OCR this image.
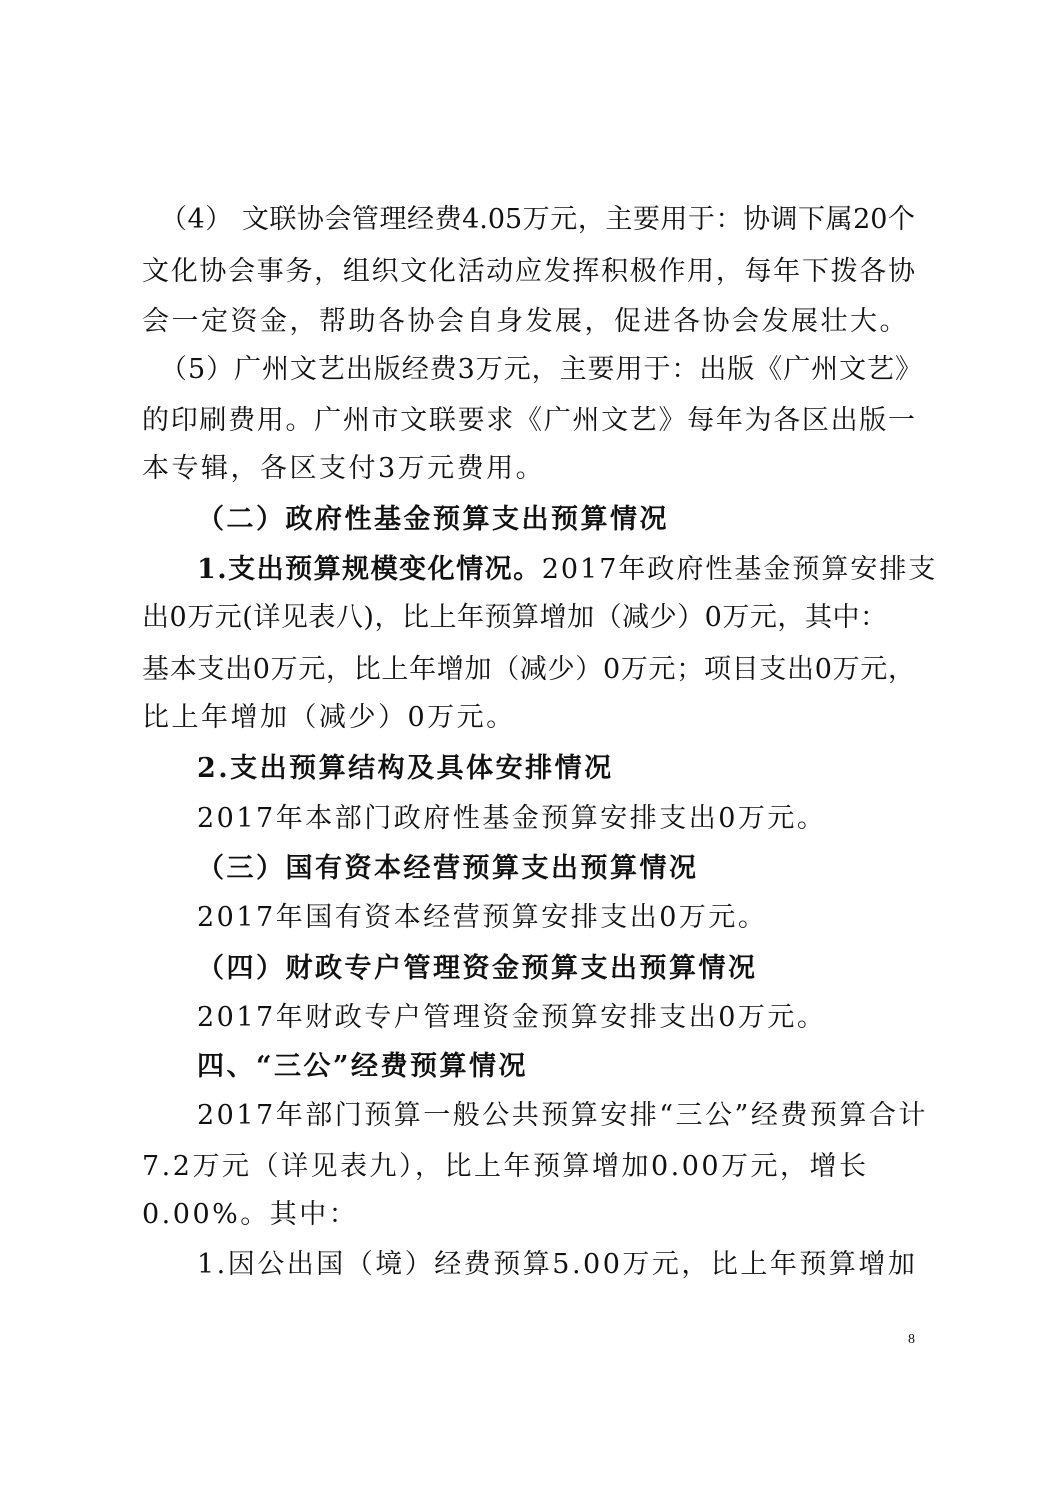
（4） 文联协会管理经费4.05万元，主要用于：协调下属20个
文化协会事务，组织文化活动应发挥积极作用，每年下拨各协
会一定资金，帮助各协会自身发展，促进各协会发展壮大。
（5）广州文艺出版经费3万元，主要用于：出版《广州文艺》
的印刷费用。广州市文联要求《广州文艺》每年为各区出版一
本专辑，各区支付3万元费用。
（二）政府性基金预算支出预算情况
1.支出预算规模变化情况。 2017年政府性基金预算安排支
出0万元(详见表八)，比上年预算增加（减少）0万元，其中：
基本支出0万元，比上年增加（减少）0万元；项目支出0万元，
比上年增加（减少）0万元。
2.支出预算结构及具体安排情况
2017年本部门政府性基金预算安排支出0万元。
（三）国有资本经营预算支出预算情况
2017年国有资本经营预算安排支出0万元。
（四）财政专户管理资金预算支出预算情况
2017年财政专户管理资金预算安排支出0万元。
四、“三公”经费预算情况
2017年部门预算一般公共预算安排 “三公”经费预算合计
7.2万元（详见表九），比上年预算增加0.00万元，增长
0.00%。其中：
1.因公出国（境）经费预算5.00万元，比上年预算增加
8
